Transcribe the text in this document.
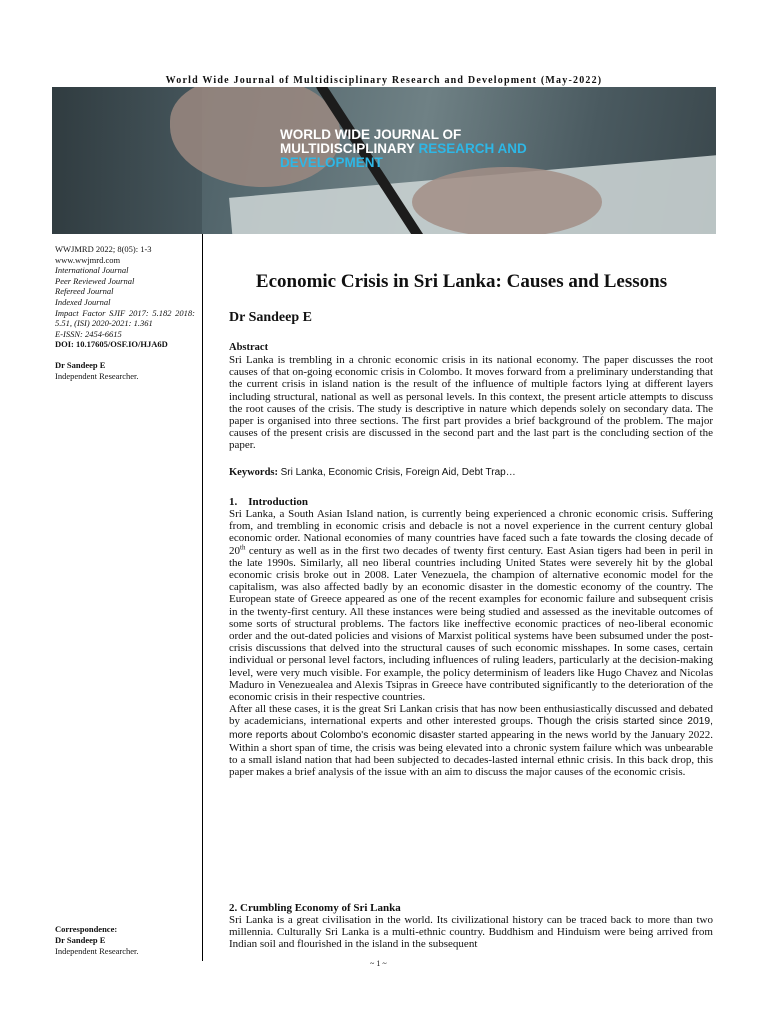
World Wide Journal of Multidisciplinary Research and Development (May-2022)
WORLD WIDE JOURNAL OF
MULTIDISCIPLINARY RESEARCH AND
DEVELOPMENT
WWJMRD 2022; 8(05): 1-3
www.wwjmrd.com
International Journal
Peer Reviewed Journal
Refereed Journal
Indexed Journal
Impact Factor SJIF 2017: 5.182 2018: 5.51, (ISI) 2020-2021: 1.361
E-ISSN: 2454-6615
DOI: 10.17605/OSF.IO/HJA6D
Dr Sandeep E
Independent Researcher.
Correspondence:
Dr Sandeep E
Independent Researcher.
Economic Crisis in Sri Lanka: Causes and Lessons
Dr Sandeep E
Abstract
Sri Lanka is trembling in a chronic economic crisis in its national economy. The paper discusses the root causes of that on-going economic crisis in Colombo. It moves forward from a preliminary understanding that the current crisis in island nation is the result of the influence of multiple factors lying at different layers including structural, national as well as personal levels. In this context, the present article attempts to discuss the root causes of the crisis. The study is descriptive in nature which depends solely on secondary data. The paper is organised into three sections. The first part provides a brief background of the problem. The major causes of the present crisis are discussed in the second part and the last part is the concluding section of the paper.
Keywords: Sri Lanka, Economic Crisis, Foreign Aid, Debt Trap…
1.    Introduction

Sri Lanka, a South Asian Island nation, is currently being experienced a chronic economic crisis. Suffering from, and trembling in economic crisis and debacle is not a novel experience in the current century global economic order. National economies of many countries have faced such a fate towards the closing decade of 20th century as well as in the first two decades of twenty first century. East Asian tigers had been in peril in the late 1990s. Similarly, all neo liberal countries including United States were severely hit by the global economic crisis broke out in 2008. Later Venezuela, the champion of alternative economic model for the capitalism, was also affected badly by an economic disaster in the domestic economy of the country. The European state of Greece appeared as one of the recent examples for economic failure and subsequent crisis in the twenty-first century. All these instances were being studied and assessed as the inevitable outcomes of some sorts of structural problems. The factors like ineffective economic practices of neo-liberal economic order and the out-dated policies and visions of Marxist political systems have been subsumed under the post-crisis discussions that delved into the structural causes of such economic misshapes. In some cases, certain individual or personal level factors, including influences of ruling leaders, particularly at the decision-making level, were very much visible. For example, the policy determinism of leaders like Hugo Chavez and Nicolas Maduro in Venezuealea and Alexis Tsipras in Greece have contributed significantly to the deterioration of the economic crisis in their respective countries.

After all these cases, it is the great Sri Lankan crisis that has now been enthusiastically discussed and debated by academicians, international experts and other interested groups. Though the crisis started since 2019, more reports about Colombo's economic disaster started appearing in the news world by the January 2022. Within a short span of time, the crisis was being elevated into a chronic system failure which was unbearable to a small island nation that had been subjected to decades-lasted internal ethnic crisis. In this back drop, this paper makes a brief analysis of the issue with an aim to discuss the major causes of the economic crisis.

2. Crumbling Economy of Sri Lanka
Sri Lanka is a great civilisation in the world. Its civilizational history can be traced back to more than two millennia. Culturally Sri Lanka is a multi-ethnic country. Buddhism and Hinduism were being arrived from Indian soil and flourished in the island in the subsequent
~ 1 ~
